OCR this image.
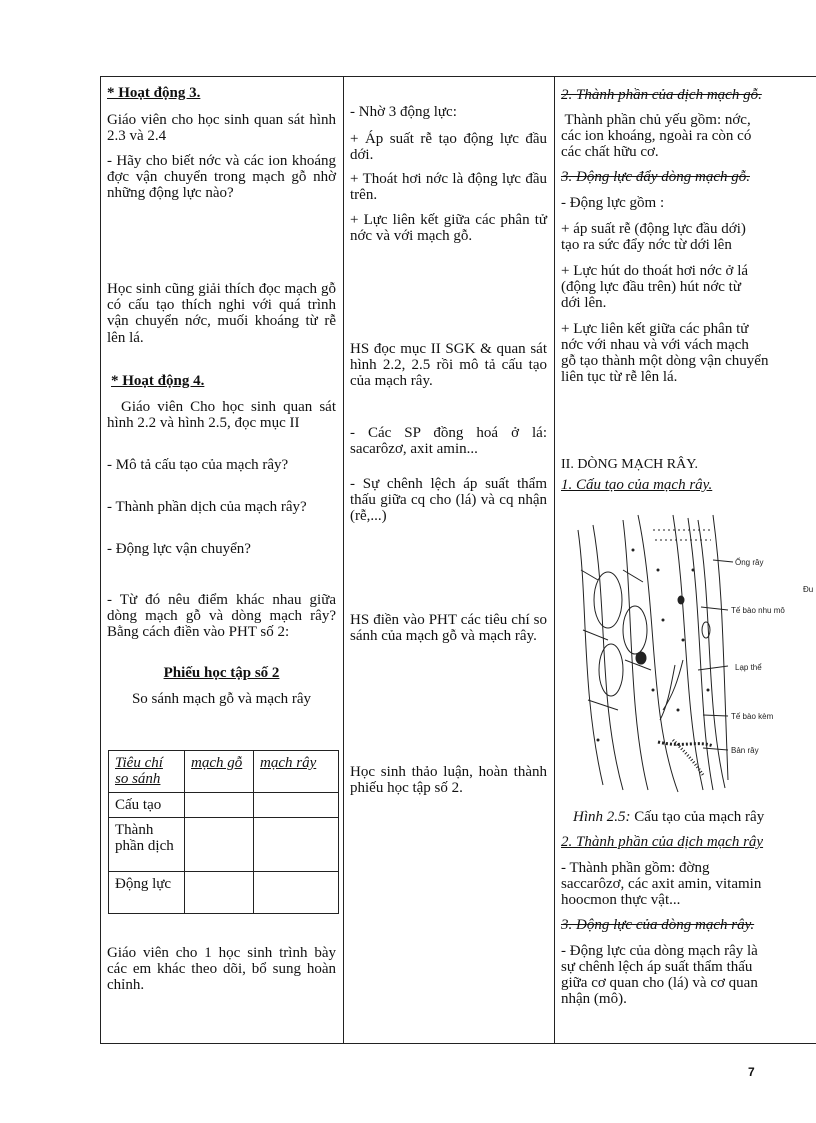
* Hoạt động 3.

Giáo viên cho học sinh quan sát hình 2.3 và 2.4

- Hãy cho biết nớc và các ion khoáng đợc vận chuyển trong mạch gỗ nhờ những động lực nào?

Học sinh cũng giải thích đọc mạch gỗ có cấu tạo thích nghi với quá trình vận chuyển nớc, muối khoáng từ rễ lên lá.

* Hoạt động 4.

Giáo viên Cho học sinh quan sát hình 2.2 và hình 2.5, đọc mục II

- Mô tả cấu tạo của mạch rây?

- Thành phần dịch của mạch rây?

- Động lực vận chuyển?

- Từ đó nêu điểm khác nhau giữa dòng mạch gỗ và dòng mạch rây? Bằng cách điền vào PHT số 2:

Phiếu học tập số 2

So sánh mạch gỗ và mạch rây

Tiêu chí so sánh	mạch gỗ	mạch rây
Cấu tạo		
Thành phần dịch		
Động lực		

Giáo viên cho 1 học sinh trình bày các em khác theo dõi, bổ sung hoàn chỉnh.

- Nhờ 3 động lực:

+ Áp suất rễ tạo động lực đầu dới.

+ Thoát hơi nớc là động lực đầu trên.

+ Lực liên kết giữa các phân tử nớc và với mạch gỗ.

HS đọc mục II SGK & quan sát hình 2.2, 2.5 rồi mô tả cấu tạo của mạch rây.

- Các SP đồng hoá ở lá: sacarôzơ, axit amin...

- Sự chênh lệch áp suất thẩm thấu giữa cq cho (lá) và cq nhận (rễ,...)

HS điền vào PHT các tiêu chí so sánh của mạch gỗ và mạch rây.

Học sinh thảo luận, hoàn thành phiếu học tập số 2.

2. Thành phần của dịch mạch gỗ.
Thành phần chủ yếu gồm: nớc,
các ion khoáng, ngoài ra còn có
các chất hữu cơ.
3. Động lực đẩy dòng mạch gỗ.
- Động lực gồm :
+ áp suất rễ (động lực đầu dới)
tạo ra sức đẩy nớc từ dới lên
+ Lực hút do thoát hơi nớc ở lá
(động lực đầu trên) hút nớc từ
dới lên.
+ Lực liên kết giữa các phân tử
nớc với nhau và với vách mạch
gỗ tạo thành một dòng vận chuyển
liên tục từ rễ lên lá.
II. DÒNG MẠCH RÂY.
1. Cấu tạo của mạch rây.
Ống rây
Tế bào nhu mô
Lạp thể
Tế bào kèm
Bản rây
Đu
Hình 2.5: Cấu tạo của mạch rây
2. Thành phần của dịch mạch rây
- Thành phần gồm: đờng
saccarôzơ, các axit amin, vitamin
hoocmon thực vật...
3. Động lực của dòng mạch rây.
- Động lực của dòng mạch rây là
sự chênh lệch áp suất thẩm thấu
giữa cơ quan cho (lá) và cơ quan
nhận (mô).
7
